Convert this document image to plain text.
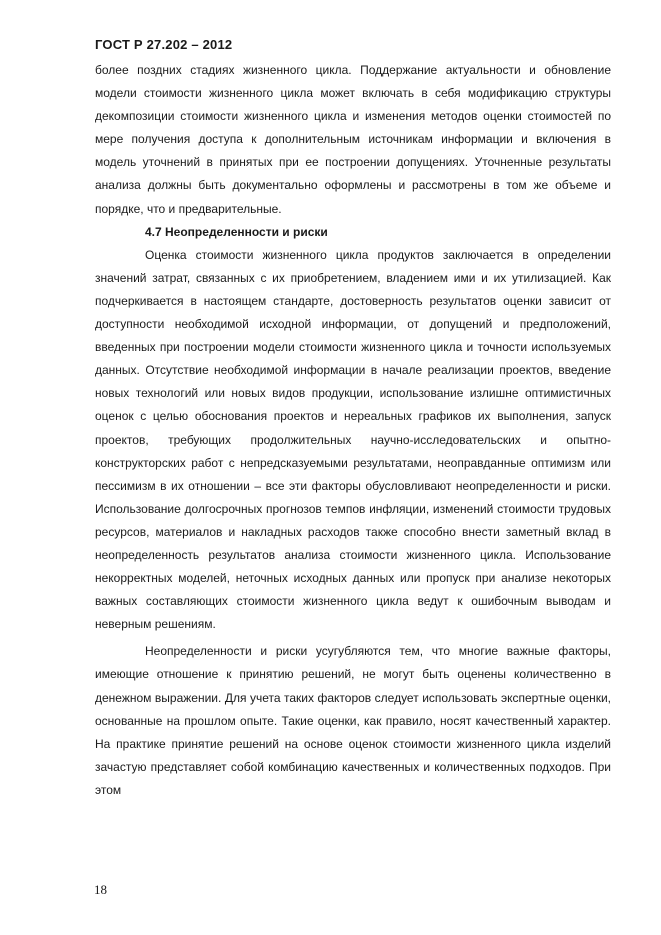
ГОСТ Р 27.202 – 2012

более поздних стадиях жизненного цикла. Поддержание актуальности и обновление модели стоимости жизненного цикла может включать в себя модификацию структуры декомпозиции стоимости жизненного цикла и изменения методов оценки стоимостей по мере получения доступа к дополнительным источникам информации и включения в модель уточнений в принятых при ее построении допущениях. Уточненные результаты анализа должны быть документально оформлены и рассмотрены в том же объеме и порядке, что и предварительные.

4.7 Неопределенности и риски

Оценка стоимости жизненного цикла продуктов заключается в определении значений затрат, связанных с их приобретением, владением ими и их утилизацией. Как подчеркивается в настоящем стандарте, достоверность результатов оценки зависит от доступности необходимой исходной информации, от допущений и предположений, введенных при построении модели стоимости жизненного цикла и точности используемых данных. Отсутствие необходимой информации в начале реализации проектов, введение новых технологий или новых видов продукции, использование излишне оптимистичных оценок с целью обоснования проектов и нереальных графиков их выполнения, запуск проектов, требующих продолжительных научно-исследовательских и опытно-конструкторских работ с непредсказуемыми результатами, неоправданные оптимизм или пессимизм в их отношении – все эти факторы обусловливают неопределенности и риски. Использование долгосрочных прогнозов темпов инфляции, изменений стоимости трудовых ресурсов, материалов и накладных расходов также способно внести заметный вклад в неопределенность результатов анализа стоимости жизненного цикла. Использование некорректных моделей, неточных исходных данных или пропуск при анализе некоторых важных составляющих стоимости жизненного цикла ведут к ошибочным выводам и неверным решениям.

Неопределенности и риски усугубляются тем, что многие важные факторы, имеющие отношение к принятию решений, не могут быть оценены количественно в денежном выражении. Для учета таких факторов следует использовать экспертные оценки, основанные на прошлом опыте. Такие оценки, как правило, носят качественный характер. На практике принятие решений на основе оценок стоимости жизненного цикла изделий зачастую представляет собой комбинацию качественных и количественных подходов. При этом

18
